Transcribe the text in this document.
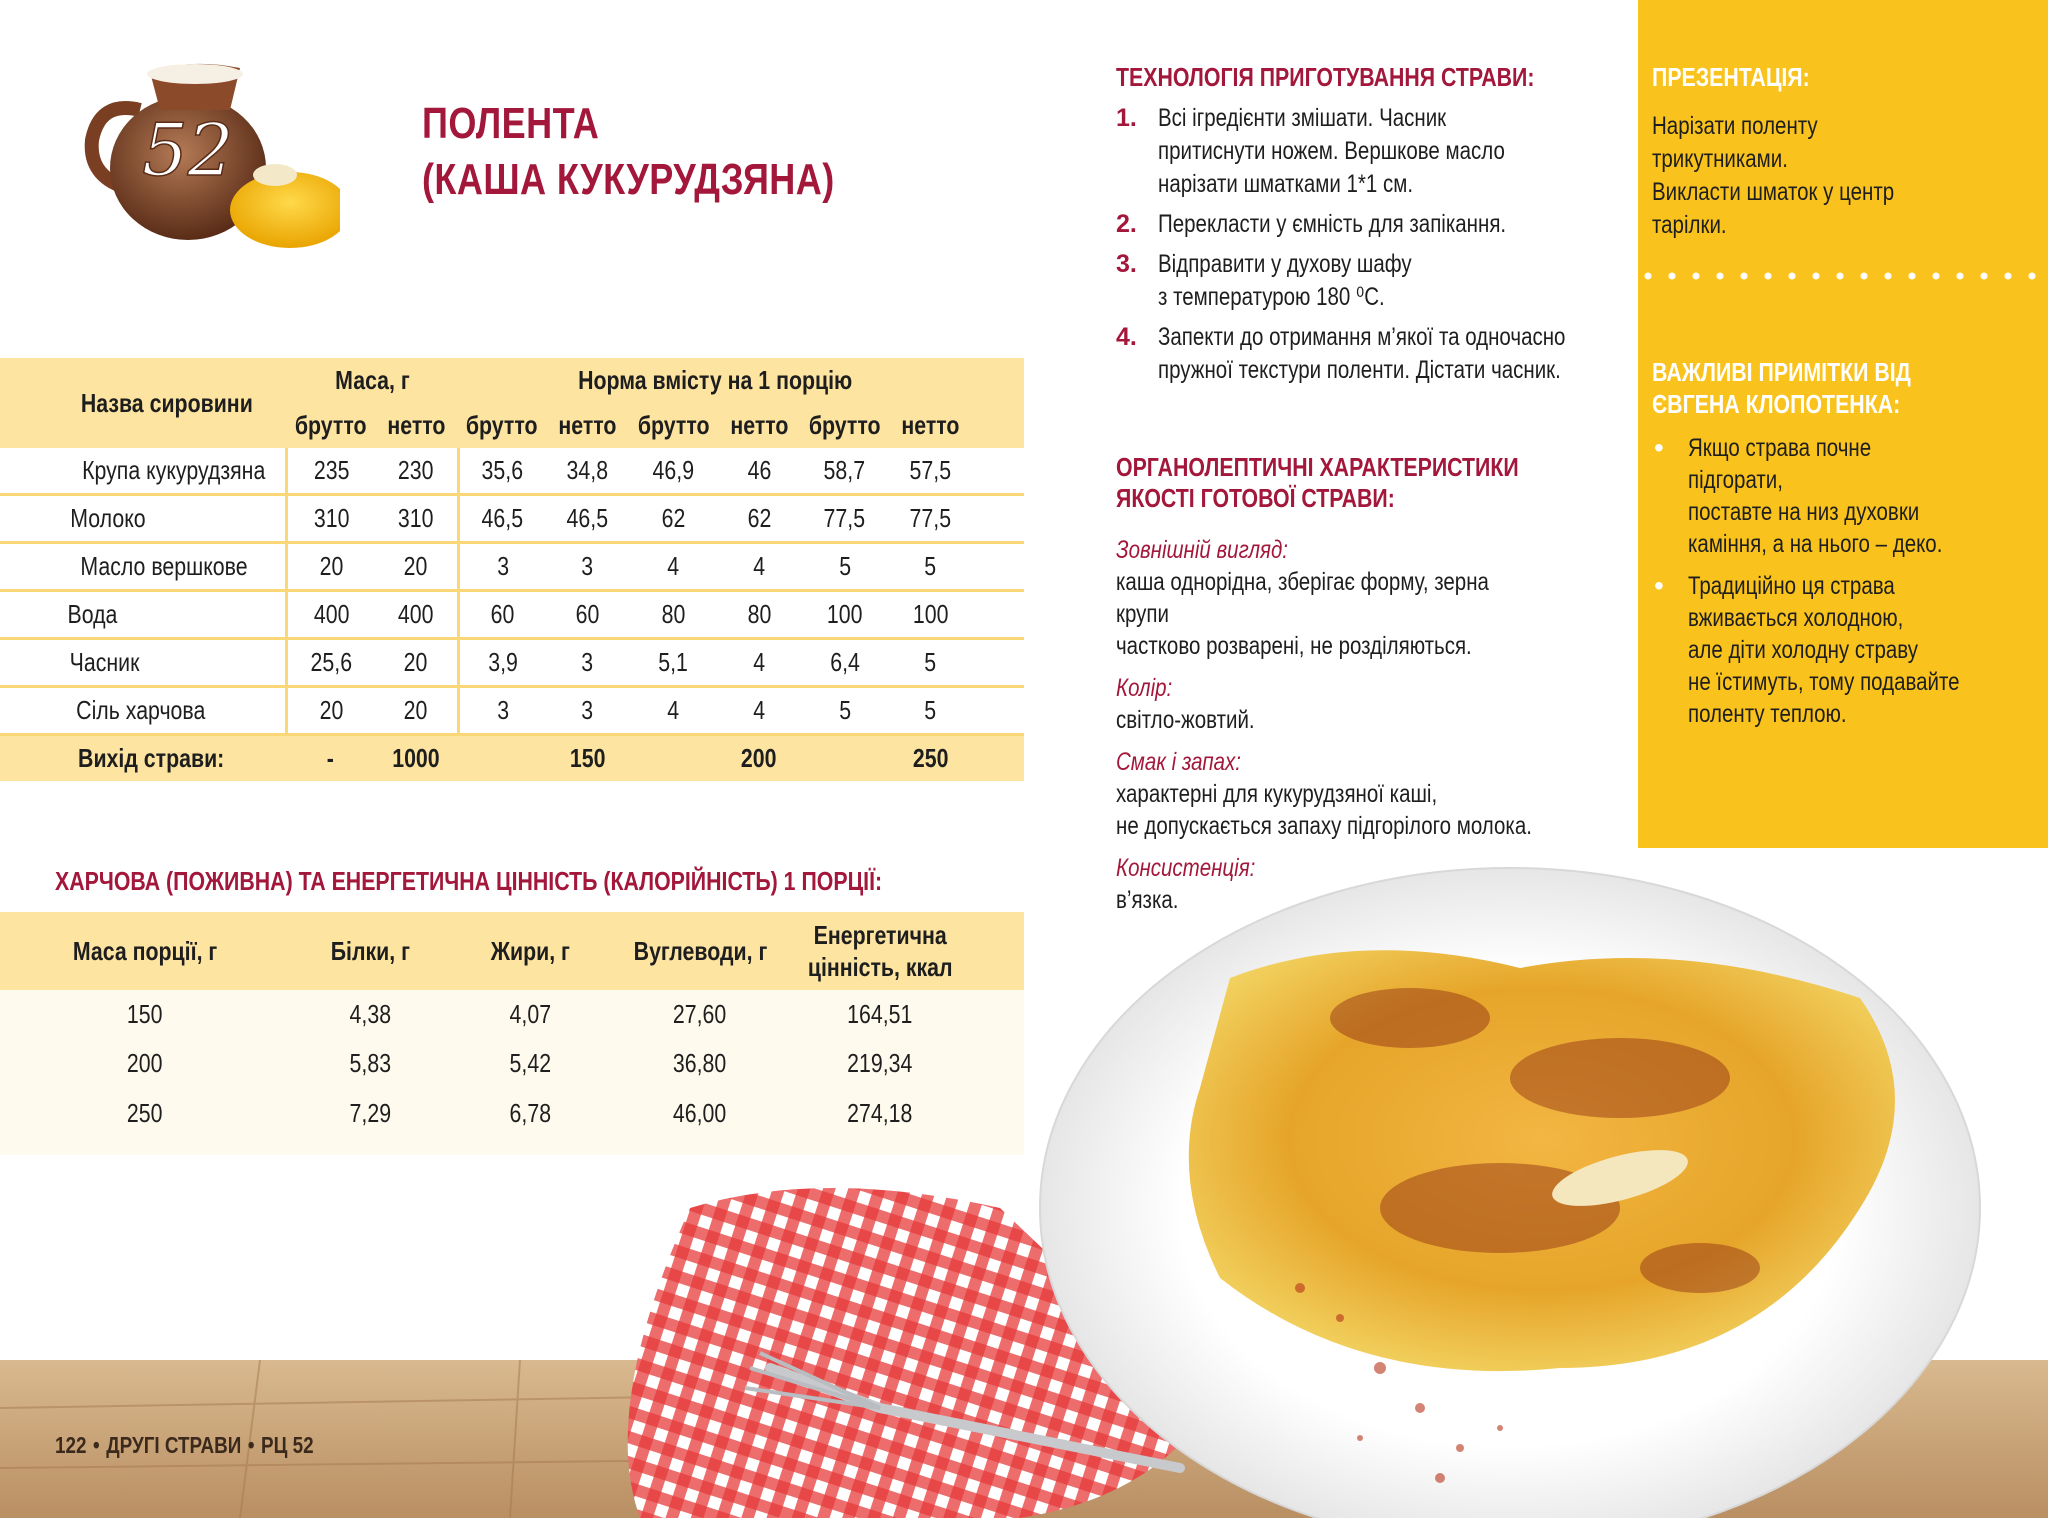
52	ПОЛЕНТА
(КАША КУКУРУДЗЯНА)
Назва сировини	Маса, г		Норма вмісту на 1 порцію						
	брутто	нетто	брутто	нетто	брутто	нетто	брутто	нетто	
Крупа кукурудзяна	235	230	35,6	34,8	46,9	46	58,7	57,5	
Молоко	310	310	46,5	46,5	62	62	77,5	77,5	
Масло вершкове	20	20	3	3	4	4	5	5	
Вода	400	400	60	60	80	80	100	100	
Часник	25,6	20	3,9	3	5,1	4	6,4	5	
Сіль харчова	20	20	3	3	4	4	5	5	
Вихід страви:	-	1000		150		200		250	
ХАРЧОВА (ПОЖИВНА) ТА ЕНЕРГЕТИЧНА ЦІННІСТЬ (КАЛОРІЙНІСТЬ) 1 ПОРЦІЇ:
Маса порції, г	Білки, г	Жири, г	Вуглеводи, г	Енергетична
цінність, ккал	
150	4,38	4,07	27,60	164,51	
200	5,83	5,42	36,80	219,34	
250	7,29	6,78	46,00	274,18	
ТЕХНОЛОГІЯ ПРИГОТУВАННЯ СТРАВИ:
1. Всі ігредієнти змішати. Часник
притиснути ножем. Вершкове масло
нарізати шматками 1*1 см.
2. Перекласти у ємність для запікання.
3. Відправити у духову шафу
з температурою 180 ⁰С.
4. Запекти до отримання м’якої та одночасно
пружної текстури поленти. Дістати часник.
ОРГАНОЛЕПТИЧНІ ХАРАКТЕРИСТИКИ
ЯКОСТІ ГОТОВОЇ СТРАВИ:
Зовнішній вигляд:
каша однорідна, зберігає форму, зерна крупи
частково розварені, не розділяються.
Колір:
світло-жовтий.
Смак і запах:
характерні для кукурудзяної каші,
не допускається запаху підгорілого молока.
Консистенція:
в’язка.
ПРЕЗЕНТАЦІЯ:
Нарізати поленту трикутниками.
Викласти шматок у центр
тарілки.
ВАЖЛИВІ ПРИМІТКИ ВІД
ЄВГЕНА КЛОПОТЕНКА:
• Якщо страва почне підгорати,
поставте на низ духовки
каміння, а на нього – деко.
• Традиційно ця страва
вживається холодною,
але діти холодну страву
не їстимуть, тому подавайте
поленту теплою.
122 • ДРУГІ СТРАВИ • РЦ 52
